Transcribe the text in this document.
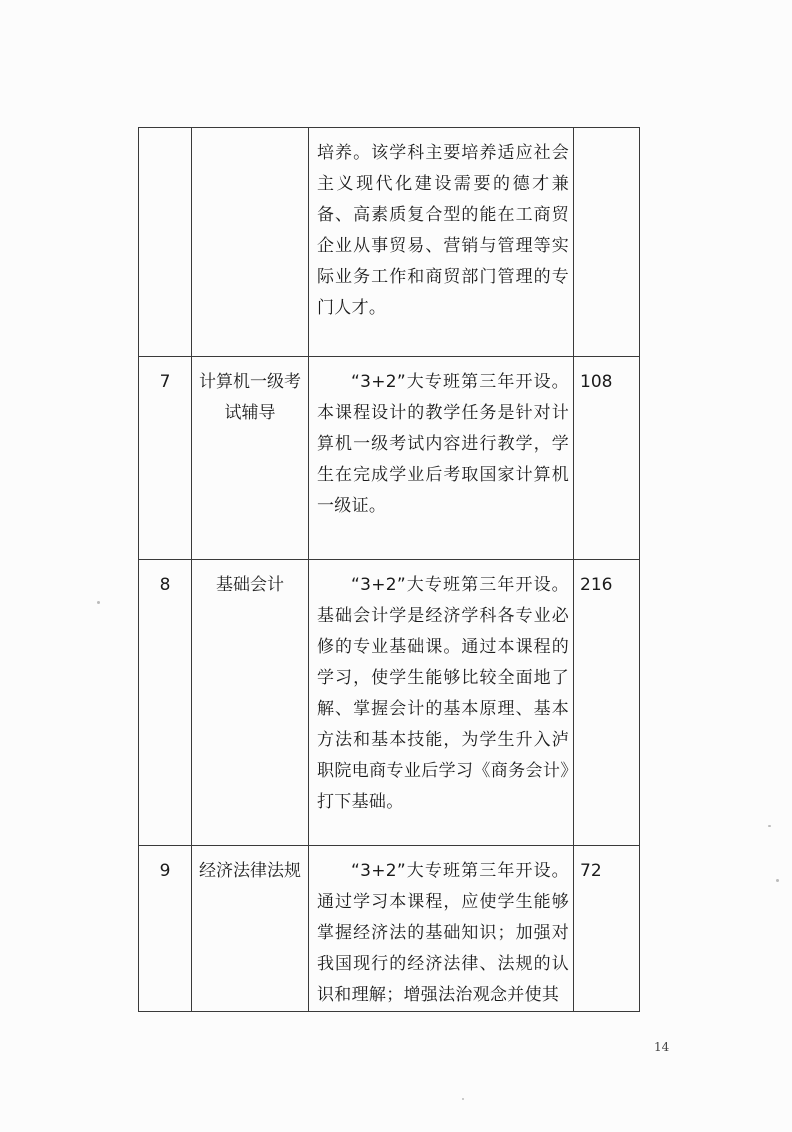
		培养。该学科主要培养适应社会主义现代化建设需要的德才兼备、高素质复合型的能在工商贸企业从事贸易、营销与管理等实际业务工作和商贸部门管理的专门人才。	
7	计算机一级考试辅导	“3+2”大专班第三年开设。本课程设计的教学任务是针对计算机一级考试内容进行教学，学生在完成学业后考取国家计算机一级证。	108
8	基础会计	“3+2”大专班第三年开设。基础会计学是经济学科各专业必修的专业基础课。通过本课程的学习，使学生能够比较全面地了解、掌握会计的基本原理、基本方法和基本技能，为学生升入泸职院电商专业后学习《商务会计》打下基础。	216
9	经济法律法规	“3+2”大专班第三年开设。通过学习本课程，应使学生能够掌握经济法的基础知识；加强对我国现行的经济法律、法规的认识和理解；增强法治观念并使其	72
14
